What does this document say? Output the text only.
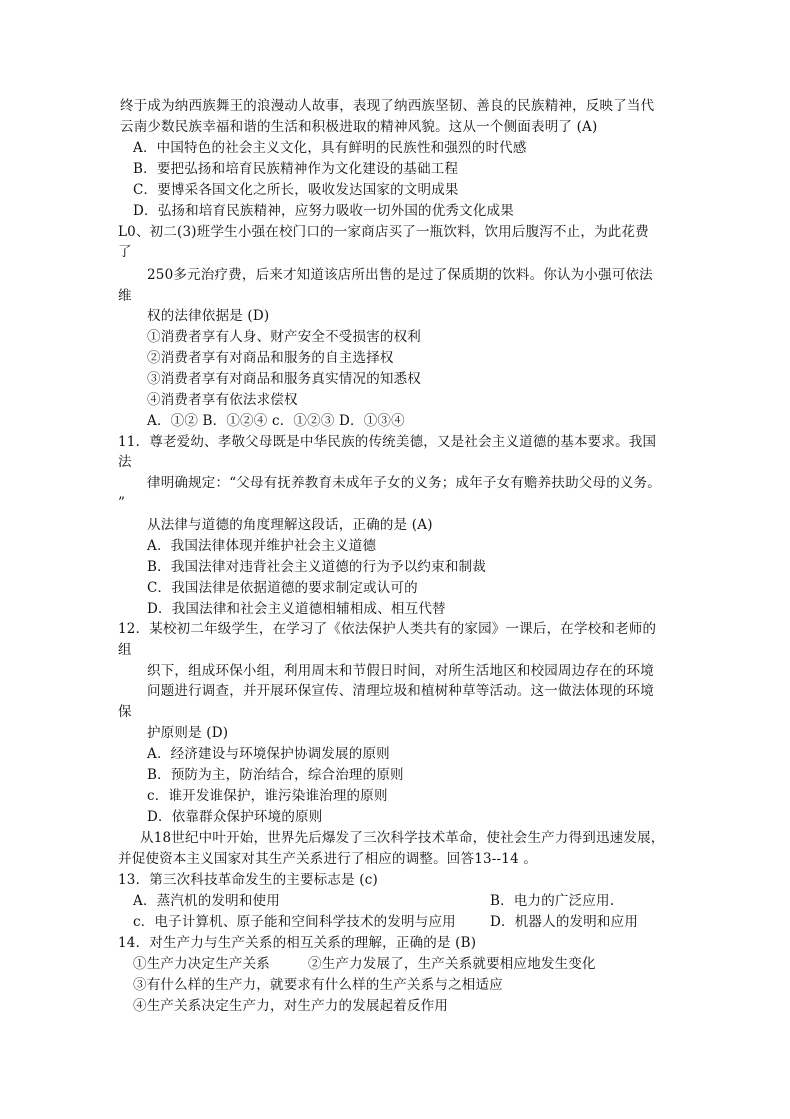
终于成为纳西族舞王的浪漫动人故事，表现了纳西族坚韧、善良的民族精神，反映了当代
云南少数民族幸福和谐的生活和积极进取的精神风貌。这从一个侧面表明了 (A)
A．中国特色的社会主义文化，具有鲜明的民族性和强烈的时代感
B．要把弘扬和培育民族精神作为文化建设的基础工程
C．要博采各国文化之所长，吸收发达国家的文明成果
D．弘扬和培育民族精神，应努力吸收一切外国的优秀文化成果
L0、初二(3)班学生小强在校门口的一家商店买了一瓶饮料，饮用后腹泻不止，为此花费
了
250多元治疗费，后来才知道该店所出售的是过了保质期的饮料。你认为小强可依法
维
权的法律依据是 (D)
①消费者享有人身、财产安全不受损害的权利
②消费者享有对商品和服务的自主选择权
③消费者享有对商品和服务真实情况的知悉权
④消费者享有依法求偿权
A．①② B．①②④ c．①②③ D．①③④
11．尊老爱幼、孝敬父母既是中华民族的传统美德，又是社会主义道德的基本要求。我国
法
律明确规定：“父母有抚养教育未成年子女的义务；成年子女有赡养扶助父母的义务。
”
从法律与道德的角度理解这段话，正确的是 (A)
A．我国法律体现并维护社会主义道德
B．我国法律对违背社会主义道德的行为予以约束和制裁
C．我国法律是依据道德的要求制定或认可的
D．我国法律和社会主义道德相辅相成、相互代替
12．某校初二年级学生，在学习了《依法保护人类共有的家园》一课后，在学校和老师的
组
织下，组成环保小组，利用周末和节假日时间，对所生活地区和校园周边存在的环境
问题进行调查，并开展环保宣传、清理垃圾和植树种草等活动。这一做法体现的环境
保
护原则是 (D)
A．经济建设与环境保护协调发展的原则
B．预防为主，防治结合，综合治理的原则
c．谁开发谁保护，谁污染谁治理的原则
D．依靠群众保护环境的原则
从18世纪中叶开始，世界先后爆发了三次科学技术革命，使社会生产力得到迅速发展，
并促使资本主义国家对其生产关系进行了相应的调整。回答13--14 。
13．第三次科技革命发生的主要标志是 (c)
A．蒸汽机的发明和使用	B．电力的广泛应用.
c．电子计算机、原子能和空间科学技术的发明与应用	D．机器人的发明和应用
14．对生产力与生产关系的相互关系的理解，正确的是 (B)
①生产力决定生产关系	②生产力发展了，生产关系就要相应地发生变化
③有什么样的生产力，就要求有什么样的生产关系与之相适应
④生产关系决定生产力，对生产力的发展起着反作用
